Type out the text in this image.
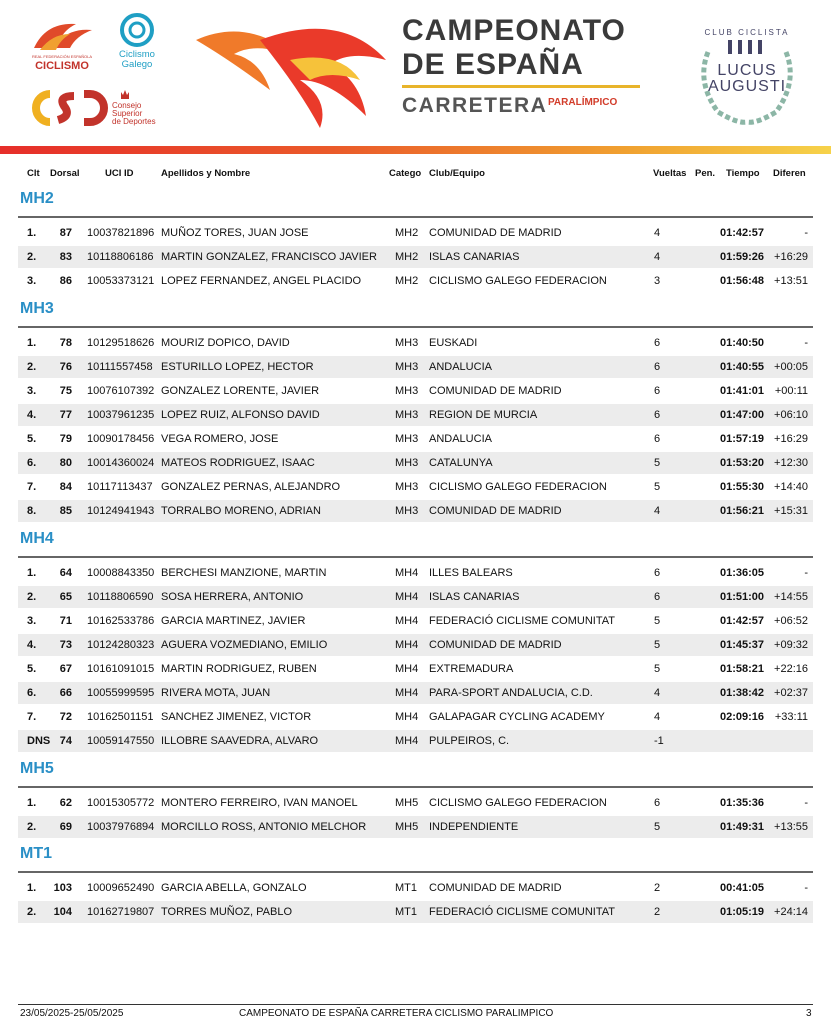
REAL FEDERACIÓN ESPAÑOLA
CICLISMO
Ciclismo
Galego
Consejo
Superior
de Deportes
CAMPEONATO
DE ESPAÑA
CARRETERA PARALÍMPICO
CLUB CICLISTA
LUCUS
AUGUSTI
Clt Dorsal	UCI ID	Apellidos y Nombre	Catego Club/Equipo	Vueltas Pen. Tiempo Diferen
MH2
1.	87 10037821896 MUÑOZ TORES, JUAN JOSE	MH2 COMUNIDAD DE MADRID	4	01:42:57	-
2.	83 10118806186 MARTIN GONZALEZ, FRANCISCO JAVIER MH2 ISLAS CANARIAS	4	01:59:26 +16:29
3.	86 10053373121 LOPEZ FERNANDEZ, ANGEL PLACIDO	MH2 CICLISMO GALEGO FEDERACION	3	01:56:48 +13:51
MH3
1.	78 10129518626 MOURIZ DOPICO, DAVID	MH3 EUSKADI	6	01:40:50	-
2.	76 10111557458 ESTURILLO LOPEZ, HECTOR	MH3 ANDALUCIA	6	01:40:55 +00:05
3.	75 10076107392 GONZALEZ LORENTE, JAVIER	MH3 COMUNIDAD DE MADRID	6	01:41:01 +00:11
4.	77 10037961235 LOPEZ RUIZ, ALFONSO DAVID	MH3 REGION DE MURCIA	6	01:47:00 +06:10
5.	79 10090178456 VEGA ROMERO, JOSE	MH3 ANDALUCIA	6	01:57:19 +16:29
6.	80 10014360024 MATEOS RODRIGUEZ, ISAAC	MH3 CATALUNYA	5	01:53:20 +12:30
7.	84 10117113437 GONZALEZ PERNAS, ALEJANDRO	MH3 CICLISMO GALEGO FEDERACION	5	01:55:30 +14:40
8.	85 10124941943 TORRALBO MORENO, ADRIAN	MH3 COMUNIDAD DE MADRID	4	01:56:21 +15:31
MH4
1.	64 10008843350 BERCHESI MANZIONE, MARTIN	MH4 ILLES BALEARS	6	01:36:05	-
2.	65 10118806590 SOSA HERRERA, ANTONIO	MH4 ISLAS CANARIAS	6	01:51:00 +14:55
3.	71 10162533786 GARCIA MARTINEZ, JAVIER	MH4 FEDERACIÓ CICLISME COMUNITAT	5	01:42:57 +06:52
4.	73 10124280323 AGUERA VOZMEDIANO, EMILIO	MH4 COMUNIDAD DE MADRID	5	01:45:37 +09:32
5.	67 10161091015 MARTIN RODRIGUEZ, RUBEN	MH4 EXTREMADURA	5	01:58:21 +22:16
6.	66 10055999595 RIVERA MOTA, JUAN	MH4 PARA-SPORT ANDALUCIA, C.D.	4	01:38:42 +02:37
7.	72 10162501151 SANCHEZ JIMENEZ, VICTOR	MH4 GALAPAGAR CYCLING ACADEMY	4	02:09:16 +33:11
DNS 74 10059147550 ILLOBRE SAAVEDRA, ALVARO	MH4 PULPEIROS, C.	-1
MH5
1.	62 10015305772 MONTERO FERREIRO, IVAN MANOEL	MH5 CICLISMO GALEGO FEDERACION	6	01:35:36	-
2.	69 10037976894 MORCILLO ROSS, ANTONIO MELCHOR	MH5 INDEPENDIENTE	5	01:49:31 +13:55
MT1
1.	103 10009652490 GARCIA ABELLA, GONZALO	MT1 COMUNIDAD DE MADRID	2	00:41:05	-
2.	104 10162719807 TORRES MUÑOZ, PABLO	MT1 FEDERACIÓ CICLISME COMUNITAT	2	01:05:19 +24:14
23/05/2025-25/05/2025	CAMPEONATO DE ESPAÑA CARRETERA CICLISMO PARALIMPICO	3
